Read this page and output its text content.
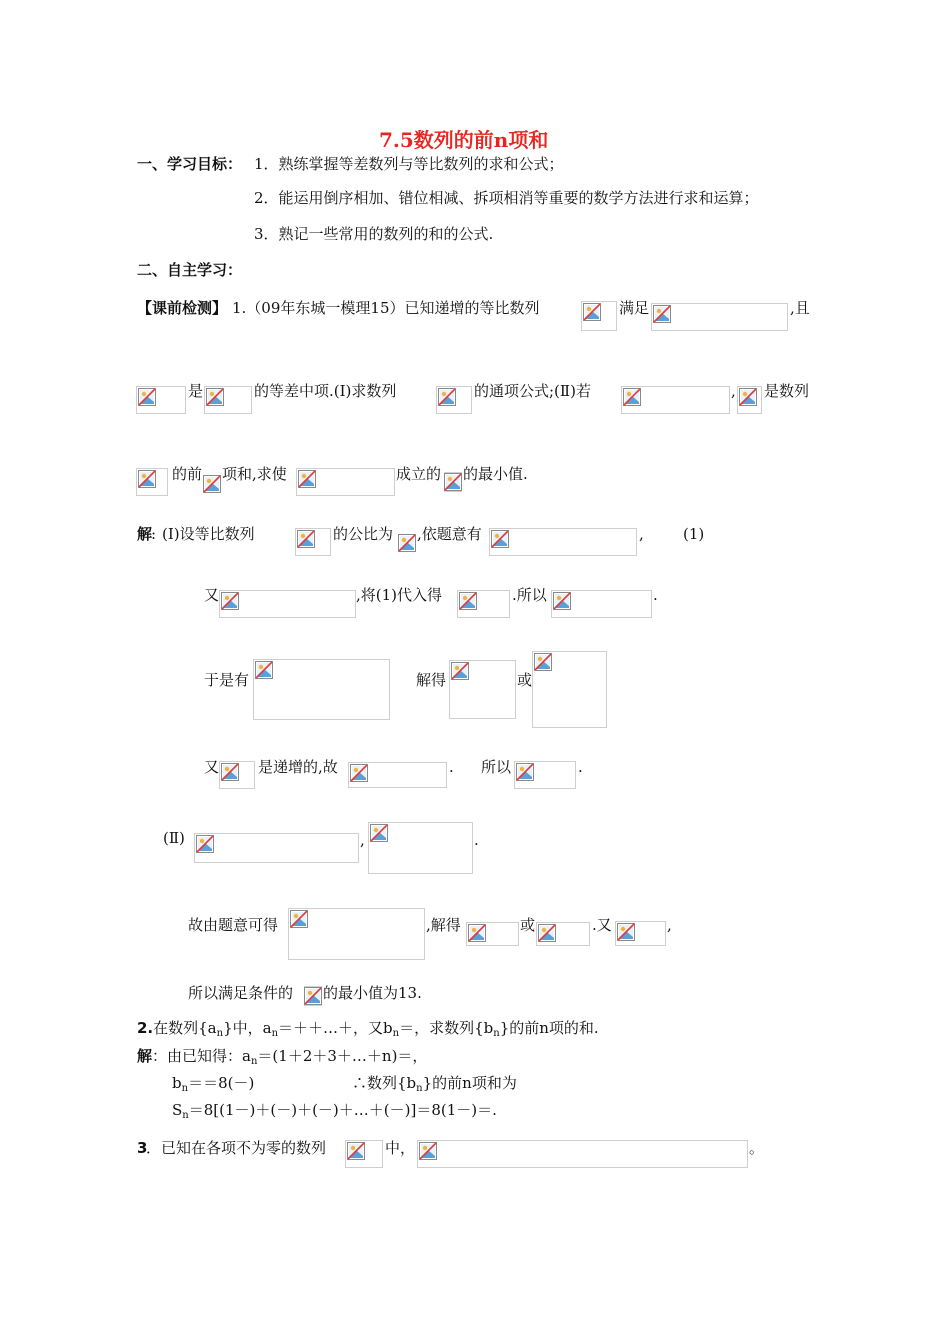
7.5数列的前n项和
一、学习目标： 1．熟练掌握等差数列与等比数列的求和公式；
2．能运用倒序相加、错位相减、拆项相消等重要的数学方法进行求和运算；
3．熟记一些常用的数列的和的公式.
二、自主学习：
【课前检测】 1.（09年东城一模理15）已知递增的等比数列	满足	,且
是	的等差中项.(Ⅰ)求数列	的通项公式;(Ⅱ)若	, 是数列
的前 项和,求使	成立的 的最小值.
解
: (Ⅰ)设等比数列	的公比为 ,依题意有	,	(1)
又	,将(1)代入得	.所以	.
于是有	解得	或
又	是递增的,故	. 所以	.
(Ⅱ)	,	.
故由题意可得	,解得	或	.又	,
所以满足条件的 的最小值为13.
2.在数列$\{a_n\}$中，$a_n=++\dots+$，又$b_n=$，求数列$\{b_n\}$的前n项的和.
解：由已知得：$a_n=(1+2+3+\dots+n)=$，
$b_n==8(-)$	∴数列$\{b_n\}$的前n项和为
$S_n=8[(1-)+(-)+(-)+\dots+(-)]=8(1-)=$.
3
．已知在各项不为零的数列	中，	。
